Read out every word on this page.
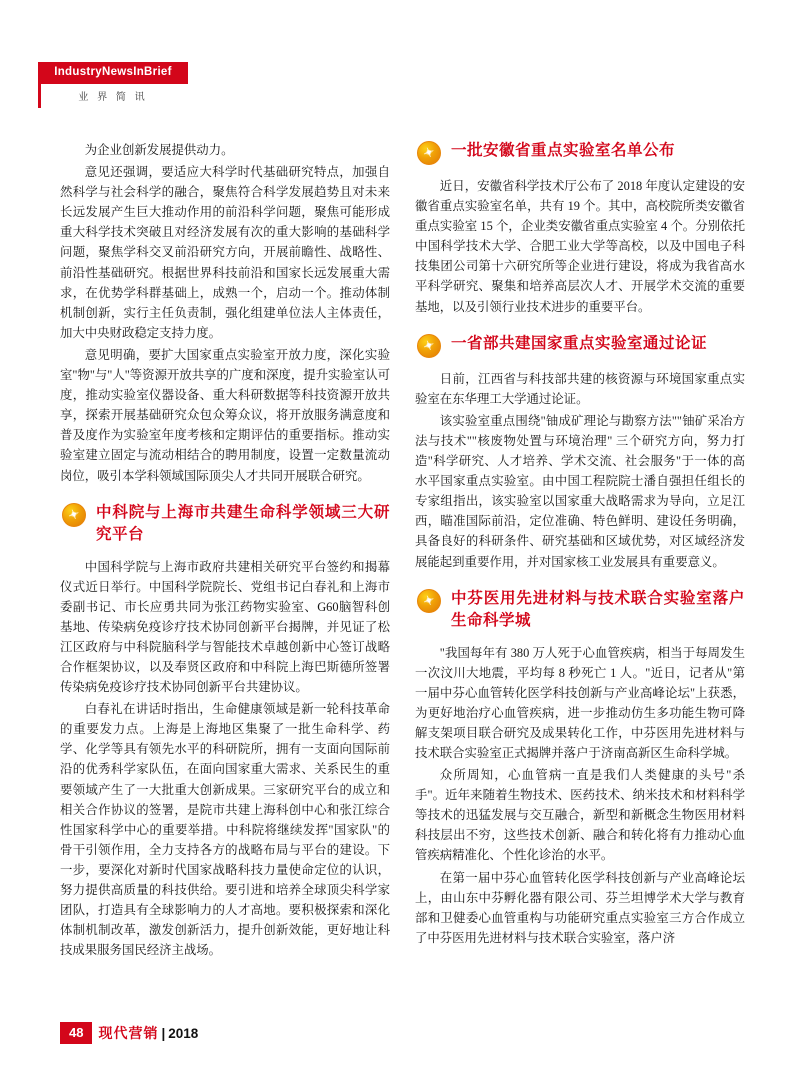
IndustryNewsInBrief
业 界 简 讯

为企业创新发展提供动力。

意见还强调，要适应大科学时代基础研究特点，加强自然科学与社会科学的融合，聚焦符合科学发展趋势且对未来长远发展产生巨大推动作用的前沿科学问题，聚焦可能形成重大科学技术突破且对经济发展有次的重大影响的基础科学问题，聚焦学科交叉前沿研究方向，开展前瞻性、战略性、前沿性基础研究。根据世界科技前沿和国家长远发展重大需求，在优势学科群基础上，成熟一个，启动一个。推动体制机制创新，实行主任负责制，强化组建单位法人主体责任，加大中央财政稳定支持力度。

意见明确，要扩大国家重点实验室开放力度，深化实验室"物"与"人"等资源开放共享的广度和深度，提升实验室认可度，推动实验室仪器设备、重大科研数据等科技资源开放共享，探索开展基础研究众包众筹众议，将开放服务满意度和普及度作为实验室年度考核和定期评估的重要指标。推动实验室建立固定与流动相结合的聘用制度，设置一定数量流动岗位，吸引本学科领域国际顶尖人才共同开展联合研究。

✦ 中科院与上海市共建生命科学领域三大研究平台

中国科学院与上海市政府共建相关研究平台签约和揭幕仪式近日举行。中国科学院院长、党组书记白春礼和上海市委副书记、市长应勇共同为张江药物实验室、G60脑智科创基地、传染病免疫诊疗技术协同创新平台揭牌，并见证了松江区政府与中科院脑科学与智能技术卓越创新中心签订战略合作框架协议，以及奉贤区政府和中科院上海巴斯德所签署传染病免疫诊疗技术协同创新平台共建协议。

白春礼在讲话时指出，生命健康领域是新一轮科技革命的重要发力点。上海是上海地区集聚了一批生命科学、药学、化学等具有领先水平的科研院所，拥有一支面向国际前沿的优秀科学家队伍，在面向国家重大需求、关系民生的重要领域产生了一大批重大创新成果。三家研究平台的成立和相关合作协议的签署，是院市共建上海科创中心和张江综合性国家科学中心的重要举措。中科院将继续发挥"国家队"的骨干引领作用，全力支持各方的战略布局与平台的建设。下一步，要深化对新时代国家战略科技力量使命定位的认识，努力提供高质量的科技供给。要引进和培养全球顶尖科学家团队，打造具有全球影响力的人才高地。要积极探索和深化体制机制改革，激发创新活力，提升创新效能，更好地让科技成果服务国民经济主战场。

✦ 一批安徽省重点实验室名单公布

近日，安徽省科学技术厅公布了 2018 年度认定建设的安徽省重点实验室名单，共有 19 个。其中，高校院所类安徽省重点实验室 15 个，企业类安徽省重点实验室 4 个。分别依托中国科学技术大学、合肥工业大学等高校，以及中国电子科技集团公司第十六研究所等企业进行建设，将成为我省高水平科学研究、聚集和培养高层次人才、开展学术交流的重要基地，以及引领行业技术进步的重要平台。

✦ 一省部共建国家重点实验室通过论证

日前，江西省与科技部共建的核资源与环境国家重点实验室在东华理工大学通过论证。

该实验室重点围绕"铀成矿理论与勘察方法""铀矿采冶方法与技术""核废物处置与环境治理" 三个研究方向，努力打造"科学研究、人才培养、学术交流、社会服务"于一体的高水平国家重点实验室。由中国工程院院士潘自强担任组长的专家组指出，该实验室以国家重大战略需求为导向，立足江西，瞄准国际前沿，定位准确、特色鲜明、建设任务明确，具备良好的科研条件、研究基础和区域优势，对区域经济发展能起到重要作用，并对国家核工业发展具有重要意义。

✦ 中芬医用先进材料与技术联合实验室落户生命科学城

"我国每年有 380 万人死于心血管疾病，相当于每周发生一次汶川大地震，平均每 8 秒死亡 1 人。"近日，记者从"第一届中芬心血管转化医学科技创新与产业高峰论坛"上获悉，为更好地治疗心血管疾病，进一步推动仿生多功能生物可降解支架项目联合研究及成果转化工作，中芬医用先进材料与技术联合实验室正式揭牌并落户于济南高新区生命科学城。

众所周知，心血管病一直是我们人类健康的头号"杀手"。近年来随着生物技术、医药技术、纳米技术和材料科学等技术的迅猛发展与交互融合，新型和新概念生物医用材料科技层出不穷，这些技术创新、融合和转化将有力推动心血管疾病精准化、个性化诊治的水平。

在第一届中芬心血管转化医学科技创新与产业高峰论坛上，由山东中芬孵化器有限公司、芬兰坦博学术大学与教育部和卫健委心血管重构与功能研究重点实验室三方合作成立了中芬医用先进材料与技术联合实验室，落户济

48	现代营销 | 2018
